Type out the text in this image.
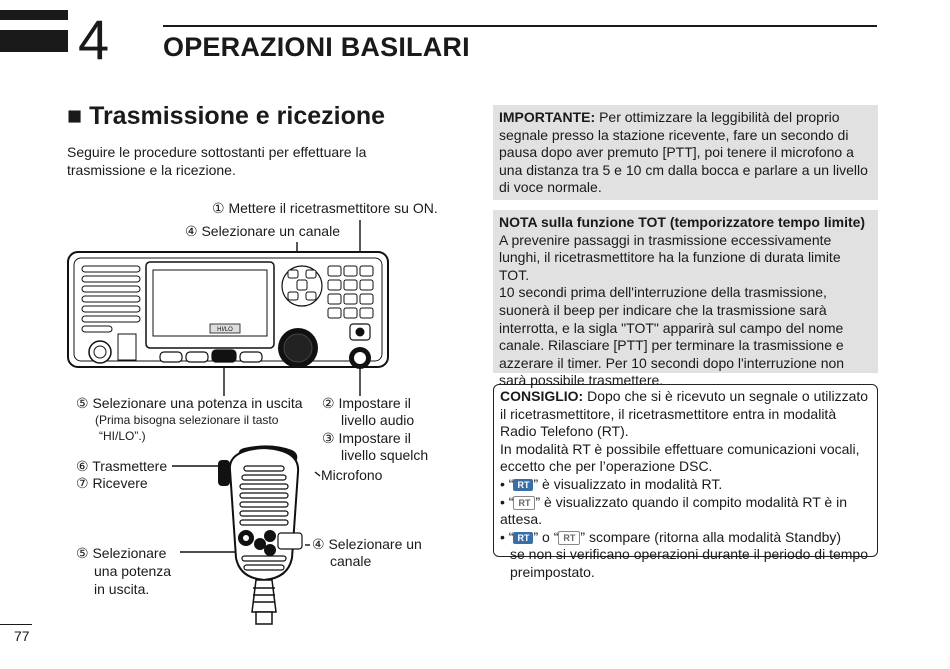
4 OPERAZIONI BASILARI
■ Trasmissione e ricezione
Seguire le procedure sottostanti per effettuare la trasmissione e la ricezione.
HI/LO
① Mettere il ricetrasmettitore su ON.
④ Selezionare un canale
⑤ Selezionare una potenza in uscita
(Prima bisogna selezionare il tasto
“HI/LO”.)
② Impostare il
livello audio
③ Impostare il
livello squelch
⑥ Trasmettere
⑦ Ricevere	Microfono
⑤ Selezionare
una potenza
in uscita.
④ Selezionare un
canale

IMPORTANTE: Per ottimizzare la leggibilità del proprio segnale presso la stazione ricevente, fare un secondo di pausa dopo aver premuto [PTT], poi tenere il microfono a una distanza tra 5 e 10 cm dalla bocca e parlare a un livello di voce normale.

NOTA sulla funzione TOT (temporizzatore tempo limite)

A prevenire passaggi in trasmissione eccessivamente lunghi, il ricetrasmettitore ha la funzione di durata limite TOT.

10 secondi prima dell'interruzione della trasmissione, suonerà il beep per indicare che la trasmissione sarà interrotta, e la sigla "TOT" apparirà sul campo del nome canale. Rilasciare [PTT] per terminare la trasmissione e azzerare il timer. Per 10 secondi dopo l'interruzione non sarà possibile trasmettere.

CONSIGLIO: Dopo che si è ricevuto un segnale o utilizzato il ricetrasmettitore, il ricetrasmettitore entra in modalità Radio Telefono (RT).

In modalità RT è possibile effettuare comunicazioni vocali, eccetto che per l’operazione DSC.

• “ RT ” è visualizzato in modalità RT.

• “ RT ” è visualizzato quando il compito modalità RT è in attesa.

• “ RT ” o “ RT ” scompare (ritorna alla modalità Standby)

se non si verificano operazioni durante il periodo di tempo preimpostato.

77
